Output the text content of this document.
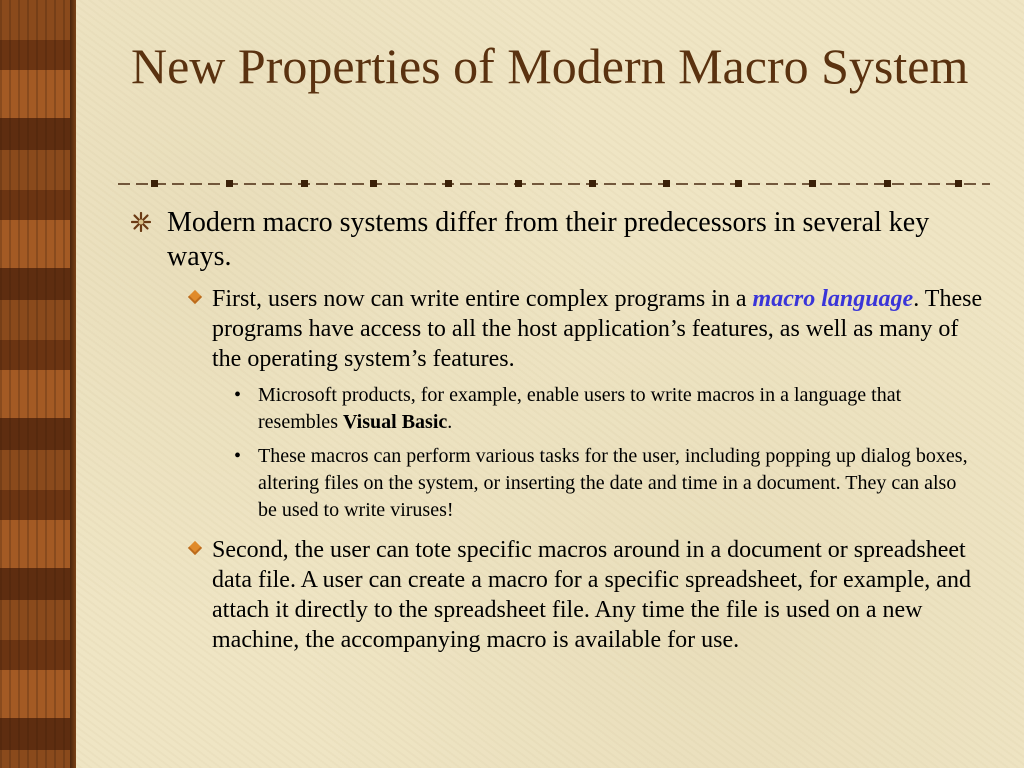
New Properties of Modern Macro System
Modern macro systems differ from their predecessors in several key ways.
First, users now can write entire complex programs in a macro language. These programs have access to all the host application’s features, as well as many of the operating system’s features.
• Microsoft products, for example, enable users to write macros in a language that resembles Visual Basic.
• These macros can perform various tasks for the user, including popping up dialog boxes, altering files on the system, or inserting the date and time in a document. They can also be used to write viruses!
Second, the user can tote specific macros around in a document or spreadsheet data file. A user can create a macro for a specific spreadsheet, for example, and attach it directly to the spreadsheet file. Any time the file is used on a new machine, the accompanying macro is available for use.
